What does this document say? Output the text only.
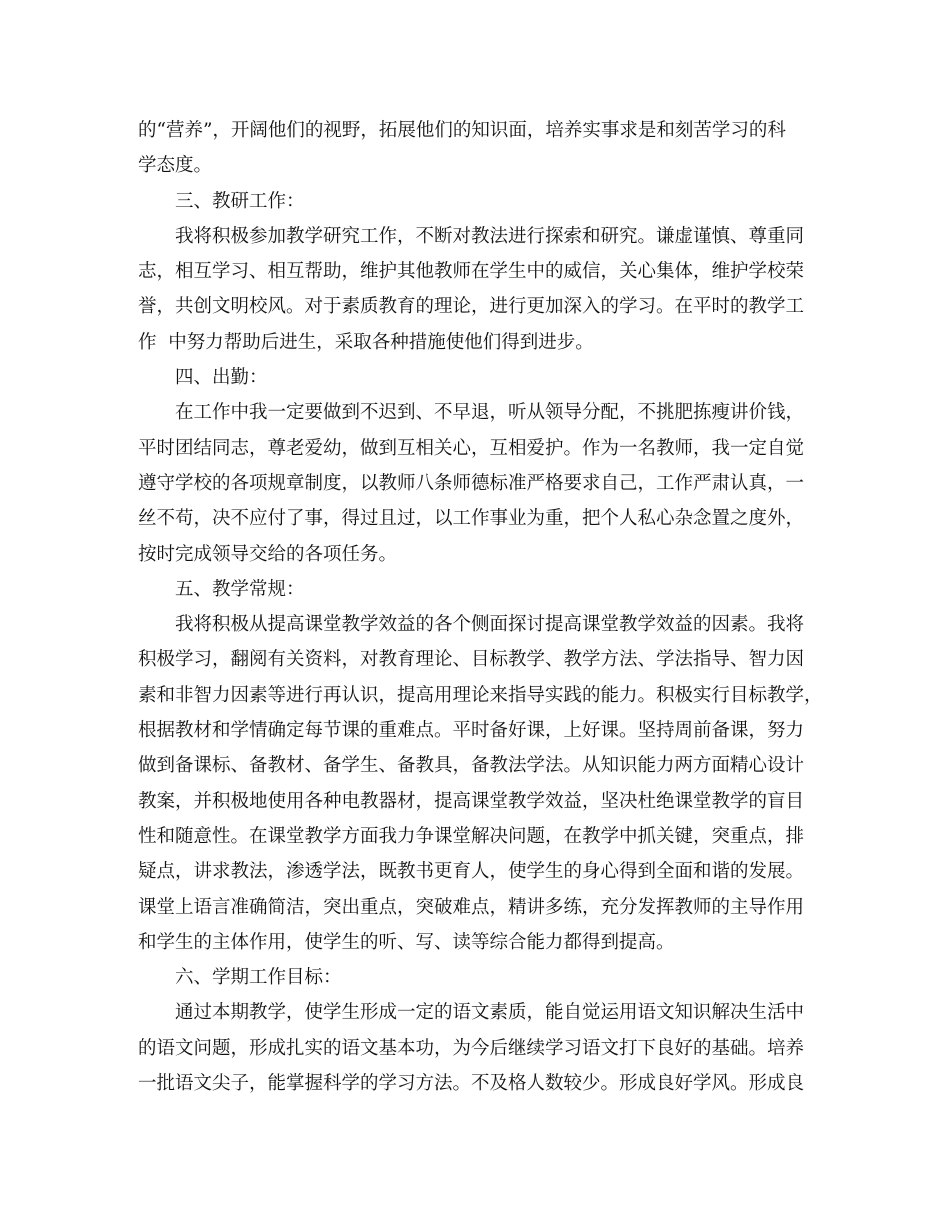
的“营养”，开阔他们的视野，拓展他们的知识面，培养实事求是和刻苦学习的科
学态度。

三、教研工作：

我将积极参加教学研究工作，不断对教法进行探索和研究。谦虚谨慎、尊重同
志，相互学习、相互帮助，维护其他教师在学生中的威信，关心集体，维护学校荣
誉，共创文明校风。对于素质教育的理论，进行更加深入的学习。在平时的教学工
作  中努力帮助后进生，采取各种措施使他们得到进步。

四、出勤：

在工作中我一定要做到不迟到、不早退，听从领导分配，不挑肥拣瘦讲价钱，
平时团结同志，尊老爱幼，做到互相关心，互相爱护。作为一名教师，我一定自觉
遵守学校的各项规章制度，以教师八条师德标准严格要求自己，工作严肃认真，一
丝不苟，决不应付了事，得过且过，以工作事业为重，把个人私心杂念置之度外，
按时完成领导交给的各项任务。

五、教学常规：

我将积极从提高课堂教学效益的各个侧面探讨提高课堂教学效益的因素。我将
积极学习，翻阅有关资料，对教育理论、目标教学、教学方法、学法指导、智力因
素和非智力因素等进行再认识，提高用理论来指导实践的能力。积极实行目标教学，
根据教材和学情确定每节课的重难点。平时备好课，上好课。坚持周前备课，努力
做到备课标、备教材、备学生、备教具，备教法学法。从知识能力两方面精心设计
教案，并积极地使用各种电教器材，提高课堂教学效益，坚决杜绝课堂教学的盲目
性和随意性。在课堂教学方面我力争课堂解决问题，在教学中抓关键，突重点，排
疑点，讲求教法，渗透学法，既教书更育人，使学生的身心得到全面和谐的发展。
课堂上语言准确简洁，突出重点，突破难点，精讲多练，充分发挥教师的主导作用
和学生的主体作用，使学生的听、写、读等综合能力都得到提高。

六、学期工作目标：

通过本期教学，使学生形成一定的语文素质，能自觉运用语文知识解决生活中
的语文问题，形成扎实的语文基本功，为今后继续学习语文打下良好的基础。培养
一批语文尖子，能掌握科学的学习方法。不及格人数较少。形成良好学风。形成良
